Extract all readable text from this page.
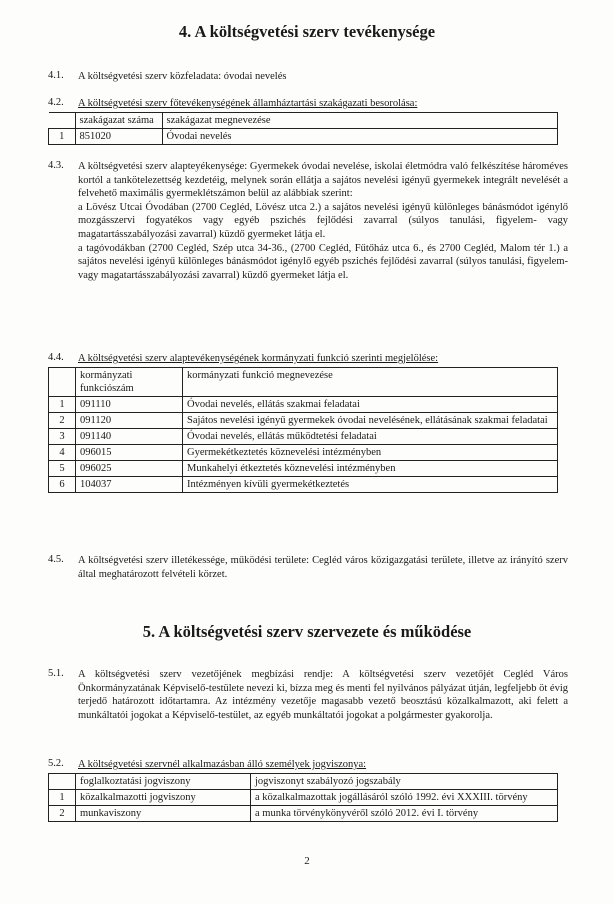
4. A költségvetési szerv tevékenysége
4.1. A költségvetési szerv közfeladata: óvodai nevelés
4.2. A költségvetési szerv főtevékenységének államháztartási szakágazati besorolása:
	szakágazat száma	szakágazat megnevezése
1	851020	Óvodai nevelés
4.3. A költségvetési szerv alapteyékenysége: Gyermekek óvodai nevelése, iskolai életmódra való felkészítése hároméves kortól a tankötelezettség kezdetéig, melynek során ellátja a sajátos nevelési igényű gyermekek integrált nevelését a felvehető maximális gyermeklétszámon belül az alábbiak szerint:

a Lövész Utcai Óvodában (2700 Cegléd, Lövész utca 2.) a sajátos nevelési igényű különleges bánásmódot igénylő mozgásszervi fogyatékos vagy egyéb pszichés fejlődési zavarral (súlyos tanulási, figyelem- vagy magatartásszabályozási zavarral) küzdő gyermeket látja el.

a tagóvodákban (2700 Cegléd, Szép utca 34-36., (2700 Cegléd, Fűtőház utca 6., és 2700 Cegléd, Malom tér 1.) a sajátos nevelési igényű különleges bánásmódot igénylő egyéb pszichés fejlődési zavarral (súlyos tanulási, figyelem- vagy magatartásszabályozási zavarral) küzdő gyermeket látja el.

4.4. A költségvetési szerv alaptevékenységének kormányzati funkció szerinti megjelölése:
	kormányzati funkciószám	kormányzati funkció megnevezése
1	091110	Óvodai nevelés, ellátás szakmai feladatai
2	091120	Sajátos nevelési igényű gyermekek óvodai nevelésének, ellátásának szakmai feladatai
3	091140	Óvodai nevelés, ellátás működtetési feladatai
4	096015	Gyermekétkeztetés köznevelési intézményben
5	096025	Munkahelyi étkeztetés köznevelési intézményben
6	104037	Intézményen kívüli gyermekétkeztetés
4.5. A költségvetési szerv illetékessége, működési területe: Cegléd város közigazgatási területe, illetve az irányító szerv által meghatározott felvételi körzet.

5. A költségvetési szerv szervezete és működése
5.1. A költségvetési szerv vezetőjének megbízási rendje: A költségvetési szerv vezetőjét Cegléd Város Önkormányzatának Képviselő-testülete nevezi ki, bízza meg és menti fel nyilvános pályázat útján, legfeljebb öt évig terjedő határozott időtartamra. Az intézmény vezetője magasabb vezető beosztású közalkalmazott, aki felett a munkáltatói jogokat a Képviselő-testület, az egyéb munkáltatói jogokat a polgármester gyakorolja.

5.2. A költségvetési szervnél alkalmazásban álló személyek jogviszonya:
	foglalkoztatási jogviszony	jogviszonyt szabályozó jogszabály
1	közalkalmazotti jogviszony	a közalkalmazottak jogállásáról szóló 1992. évi XXXIII. törvény
2	munkaviszony	a munka törvénykönyvéről szóló 2012. évi I. törvény
2
